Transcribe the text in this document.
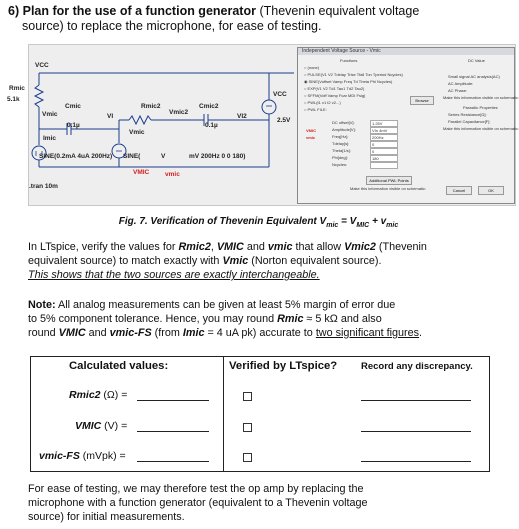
6) Plan for the use of a function generator (Thevenin equivalent voltage
source) to replace the microphone, for ease of testing.
VCC
VCC
Rmic
5.1k
Vmic
Cmic
0.1µ
VI
Rmic2
Vmic2
Cmic2
0.1µ
VI2
Imic
Vmic
2.5V
SINE(0.2mA 4uA 200Hz) SINE(	V	mV 200Hz 0 0 180)
VMIC vmic
.tran 10m
Independent Voltage Source - Vmic
Functions	DC Value
○ (none)
○ PULSE(V1 V2 Tdelay Trise Tfall Ton Tperiod Ncycles)
◉ SINE(Voffset Vamp Freq Td Theta Phi Ncycles)
○ EXP(V1 V2 Td1 Tau1 Td2 Tau2)
○ SFFM(Voff Vamp Fcar MDI Fsig)
○ PWL(t1 v1 t2 v2...)
○ PWL FILE:
DC offset[V]:	1.25V
Amplitude[V]:	VIn 4mV
Freq[Hz]:	200Hz
Tdelay[s]:	0
Theta[1/s]:	0
Phi[deg]:	180
Ncycles:
VMIC
vmic
Small signal AC analysis(AC)
AC Amplitude:
AC Phase:
Make this information visible on schematic:
Parasitic Properties
Series Resistance[Ω]:
Parallel Capacitance[F]:
Make this information visible on schematic:
Browse
Additional PWL Points
Make this information visible on schematic:	Cancel	OK
Fig. 7. Verification of Thevenin Equivalent $V_{mic} = V_{MIC} + v_{mic}$
In LTspice, verify the values for Rmic2, VMIC and vmic that allow Vmic2 (Thevenin
equivalent source) to match exactly with Vmic (Norton equivalent source).
This shows that the two sources are exactly interchangeable.
Note: All analog measurements can be given at least 5% margin of error due
to 5% component tolerance. Hence, you may round Rmic ≈ 5 kΩ and also
round VMIC and vmic-FS (from Imic = 4 uA pk) accurate to two significant figures.
Calculated values:	Verified by LTspice?	Record any discrepancy.
Rmic2 (Ω) =
VMIC (V) =
vmic-FS (mVpk) =
For ease of testing, we may therefore test the op amp by replacing the
microphone with a function generator (equivalent to a Thevenin voltage
source) for initial measurements.
